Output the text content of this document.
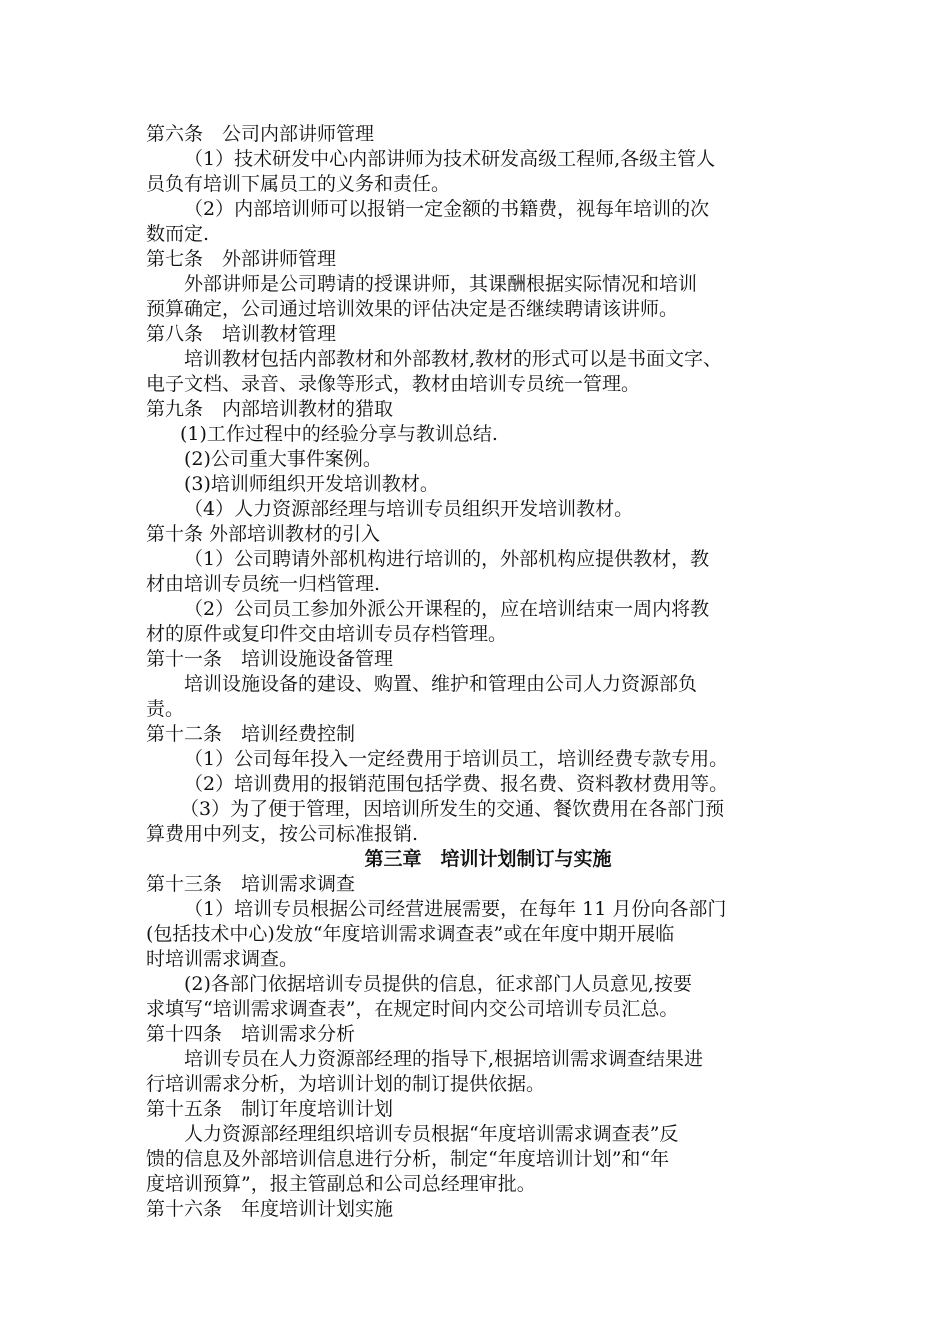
第六条　公司内部讲师管理
（1）技术研发中心内部讲师为技术研发高级工程师,各级主管人
员负有培训下属员工的义务和责任。
（2）内部培训师可以报销一定金额的书籍费，视每年培训的次
数而定.
第七条　外部讲师管理
外部讲师是公司聘请的授课讲师，其课酬根据实际情况和培训
预算确定，公司通过培训效果的评估决定是否继续聘请该讲师。
第八条　培训教材管理
培训教材包括内部教材和外部教材,教材的形式可以是书面文字、
电子文档、录音、录像等形式，教材由培训专员统一管理。
第九条　内部培训教材的猎取
(1)工作过程中的经验分享与教训总结.
(2)公司重大事件案例。
(3)培训师组织开发培训教材。
（4）人力资源部经理与培训专员组织开发培训教材。
第十条 外部培训教材的引入
（1）公司聘请外部机构进行培训的，外部机构应提供教材，教
材由培训专员统一归档管理.
（2）公司员工参加外派公开课程的，应在培训结束一周内将教
材的原件或复印件交由培训专员存档管理。
第十一条　培训设施设备管理
培训设施设备的建设、购置、维护和管理由公司人力资源部负
责。
第十二条　培训经费控制
（1）公司每年投入一定经费用于培训员工，培训经费专款专用。
（2）培训费用的报销范围包括学费、报名费、资料教材费用等。
（3）为了便于管理，因培训所发生的交通、餐饮费用在各部门预
算费用中列支，按公司标准报销.
第三章　培训计划制订与实施
第十三条　培训需求调查
（1）培训专员根据公司经营进展需要，在每年 11 月份向各部门
(包括技术中心)发放“年度培训需求调查表”或在年度中期开展临
时培训需求调查。
(2)各部门依据培训专员提供的信息，征求部门人员意见,按要
求填写“培训需求调查表”，在规定时间内交公司培训专员汇总。
第十四条　培训需求分析
培训专员在人力资源部经理的指导下,根据培训需求调查结果进
行培训需求分析，为培训计划的制订提供依据。
第十五条　制订年度培训计划
人力资源部经理组织培训专员根据“年度培训需求调查表”反
馈的信息及外部培训信息进行分析，制定“年度培训计划”和“年
度培训预算”，报主管副总和公司总经理审批。
第十六条　年度培训计划实施
